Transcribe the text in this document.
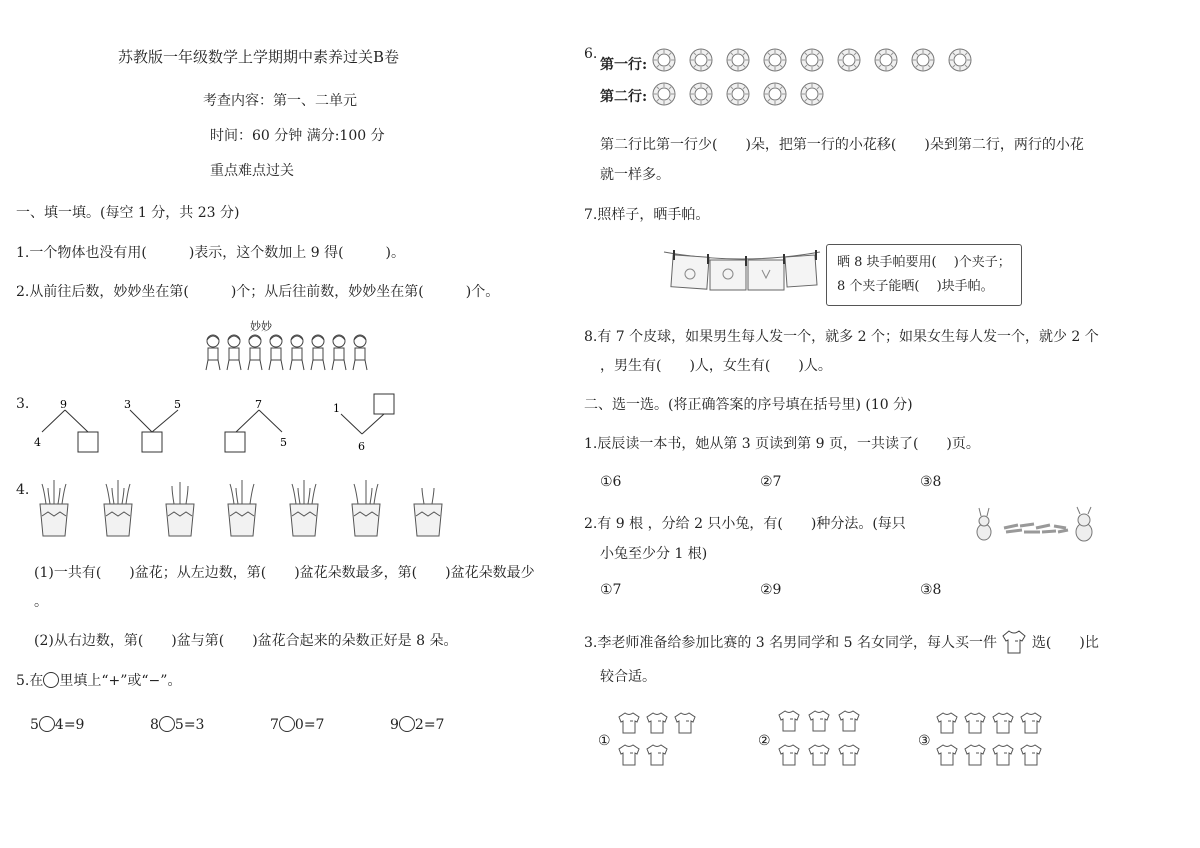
苏教版一年级数学上学期期中素养过关B卷
考查内容：第一、二单元
时间：60 分钟 满分:100 分
重点难点过关
一、填一填。(每空 1 分，共 23 分)
1.一个物体也没有用(　　　)表示，这个数加上 9 得(　　　)。
2.从前往后数，妙妙坐在第(　　　)个；从后往前数，妙妙坐在第(　　　)个。
妙妙
3.	9
4
3	5	7
5
1
6
4.
(1)一共有(　　)盆花；从左边数，第(　　)盆花朵数最多，第(　　)盆花朵数最少
。
(2)从右边数，第(　　)盆与第(　　)盆花合起来的朵数正好是 8 朵。
5.在 里填上“+”或“−”。
5 4=9	8 5=3	7 0=7	9 2=7
6.
第一行:
第二行:
第二行比第一行少(　　)朵，把第一行的小花移(　　)朵到第二行，两行的小花
就一样多。
7.照样子，晒手帕。
晒 8 块手帕要用(　 )个夹子；
8 个夹子能晒(　 )块手帕。
8.有 7 个皮球，如果男生每人发一个，就多 2 个；如果女生每人发一个，就少 2 个
，男生有(　　)人，女生有(　　)人。
二、选一选。(将正确答案的序号填在括号里) (10 分)
1.辰辰读一本书，她从第 3 页读到第 9 页，一共读了(　　)页。
①6	②7	③8
2.有 9 根 ，分给 2 只小兔，有(　　)种分法。(每只
小兔至少分 1 根)
①7	②9	③8
3.李老师准备给参加比赛的 3 名男同学和 5 名女同学，每人买一件 选(　　)比
较合适。
①	②	③
